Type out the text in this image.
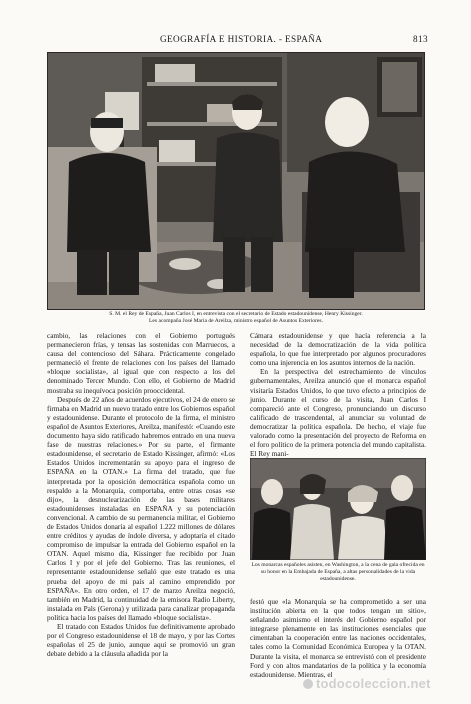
GEOGRAFÍA E HISTORIA. - ESPAÑA	813
S. M. el Rey de España, Juan Carlos I, en entrevista con el secretario de Estado estadounidense, Henry Kissinger.
Les acompaña José María de Areilza, ministro español de Asuntos Exteriores.

cambio, las relaciones con el Gobierno portugués permanecieron frías, y tensas las sostenidas con Marruecos, a causa del contencioso del Sáhara. Prácticamente congelado permaneció el frente de relaciones con los países del llamado «bloque socialista», al igual que con respecto a los del denominado Tercer Mundo. Con ello, el Gobierno de Madrid mostraba su inequívoca posición prooccidental.

Después de 22 años de acuerdos ejecutivos, el 24 de enero se firmaba en Madrid un nuevo tratado entre los Gobiernos español y estadounidense. Durante el protocolo de la firma, el ministro español de Asuntos Exteriores, Areilza, manifestó: «Cuando este documento haya sido ratificado habremos entrado en una nueva fase de nuestras relaciones.» Por su parte, el firmante estadounidense, el secretario de Estado Kissinger, afirmó: «Los Estados Unidos incrementarán su apoyo para el ingreso de ESPAÑA en la OTAN.» La firma del tratado, que fue interpretada por la oposición democrática española como un respaldo a la Monarquía, comportaba, entre otras cosas «se dijo», la desnuclearización de las bases militares estadounidenses instaladas en ESPAÑA y su potenciación convencional. A cambio de su permanencia militar, el Gobierno de Estados Unidos donaría al español 1.222 millones de dólares entre créditos y ayudas de índole diversa, y adoptaría el citado compromiso de impulsar la entrada del Gobierno español en la OTAN. Aquel mismo día, Kissinger fue recibido por Juan Carlos I y por el jefe del Gobierno. Tras las reuniones, el representante estadounidense señaló que este tratado es una prueba del apoyo de mi país al camino emprendido por ESPAÑA». En otro orden, el 17 de marzo Areilza negoció, también en Madrid, la continuidad de la emisora Radio Liberty, instalada en Pals (Gerona) y utilizada para canalizar propaganda política hacia los países del llamado «bloque socialista».

El tratado con Estados Unidos fue definitivamente aprobado por el Congreso estadounidense el 18 de mayo, y por las Cortes españolas el 25 de junio, aunque aquí se promovió un gran debate debido a la cláusula añadida por la

Cámara estadounidense y que hacía referencia a la necesidad de la democratización de la vida política española, lo que fue interpretado por algunos procuradores como una injerencia en los asuntos internos de la nación.

En la perspectiva del estrechamiento de vínculos gubernamentales, Areilza anunció que el monarca español visitaría Estados Unidos, lo que tuvo efecto a principios de junio. Durante el curso de la visita, Juan Carlos I compareció ante el Congreso, pronunciando un discurso calificado de trascendental, al anunciar su voluntad de democratizar la política española. De hecho, el viaje fue valorado como la presentación del proyecto de Reforma en el foro político de la primera potencia del mundo capitalista. El Rey mani-

Los monarcas españoles asisten, en Washington, a la cena de gala ofrecida en su honor en la Embajada de España, a altas personalidades de la vida estadounidense.

festó que «la Monarquía se ha comprometido a ser una institución abierta en la que todos tengan un sitio», señalando asimismo el interés del Gobierno español por integrarse plenamente en las instituciones esenciales que cimentaban la cooperación entre las naciones occidentales, tales como la Comunidad Económica Europea y la OTAN. Durante la visita, el monarca se entrevistó con el presidente Ford y con altos mandatarios de la política y la economía estadounidense. Mientras, el

todocoleccion.net
